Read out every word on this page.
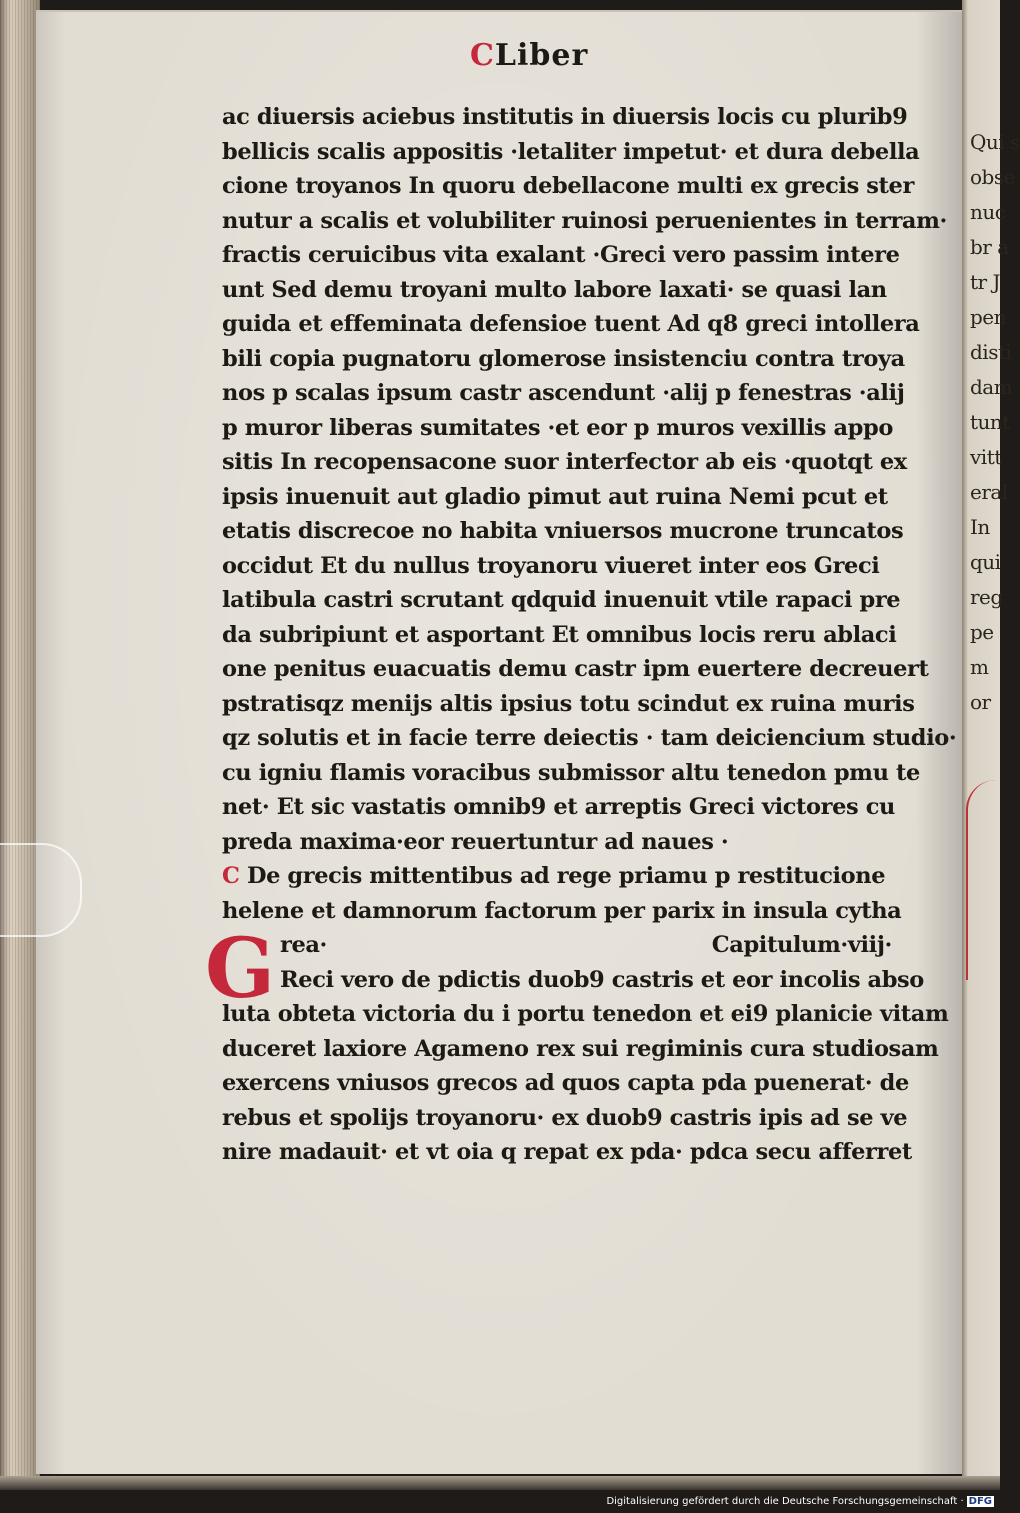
Qui s
obse
nuc
br a
tr J
pen
disti
dam
tunt
vitt
eral
In
qui
reg
pe
m
or
CLiber
ac diuersis aciebus institutis in diuersis locis cu plurib9
bellicis scalis appositis ·letaliter impetut· et dura debella
cione troyanos In quoru debellacone multi ex grecis ster
nutur a scalis et volubiliter ruinosi peruenientes in terram·
fractis ceruicibus vita exalant ·Greci vero passim intere
unt Sed demu troyani multo labore laxati· se quasi lan
guida et effeminata defensioe tuent Ad q8 greci intollera
bili copia pugnatoru glomerose insistenciu contra troya
nos p scalas ipsum castr ascendunt ·alij p fenestras ·alij
p muror liberas sumitates ·et eor p muros vexillis appo
sitis In recopensacone suor interfector ab eis ·quotqt ex
ipsis inuenuit aut gladio pimut aut ruina Nemi pcut et
etatis discrecoe no habita vniuersos mucrone truncatos
occidut Et du nullus troyanoru viueret inter eos Greci
latibula castri scrutant qdquid inuenuit vtile rapaci pre
da subripiunt et asportant Et omnibus locis reru ablaci
one penitus euacuatis demu castr ipm euertere decreuert
pstratisqz menijs altis ipsius totu scindut ex ruina muris
qz solutis et in facie terre deiectis · tam deiciencium studio·
cu igniu flamis voracibus submissor altu tenedon pmu te
net· Et sic vastatis omnib9 et arreptis Greci victores cu
preda maxima·eor reuertuntur ad naues ·
C De grecis mittentibus ad rege priamu p restitucione
helene et damnorum factorum per parix in insula cytha
rea·	Capitulum·viij·
Reci vero de pdictis duob9 castris et eor incolis abso
luta obteta victoria du i portu tenedon et ei9 planicie vitam
duceret laxiore Agameno rex sui regiminis cura studiosam
exercens vniusos grecos ad quos capta pda puenerat· de
rebus et spolijs troyanoru· ex duob9 castris ipis ad se ve
nire madauit· et vt oia q repat ex pda· pdca secu afferret
G
Digitalisierung gefördert durch die Deutsche Forschungsgemeinschaft · DFG
